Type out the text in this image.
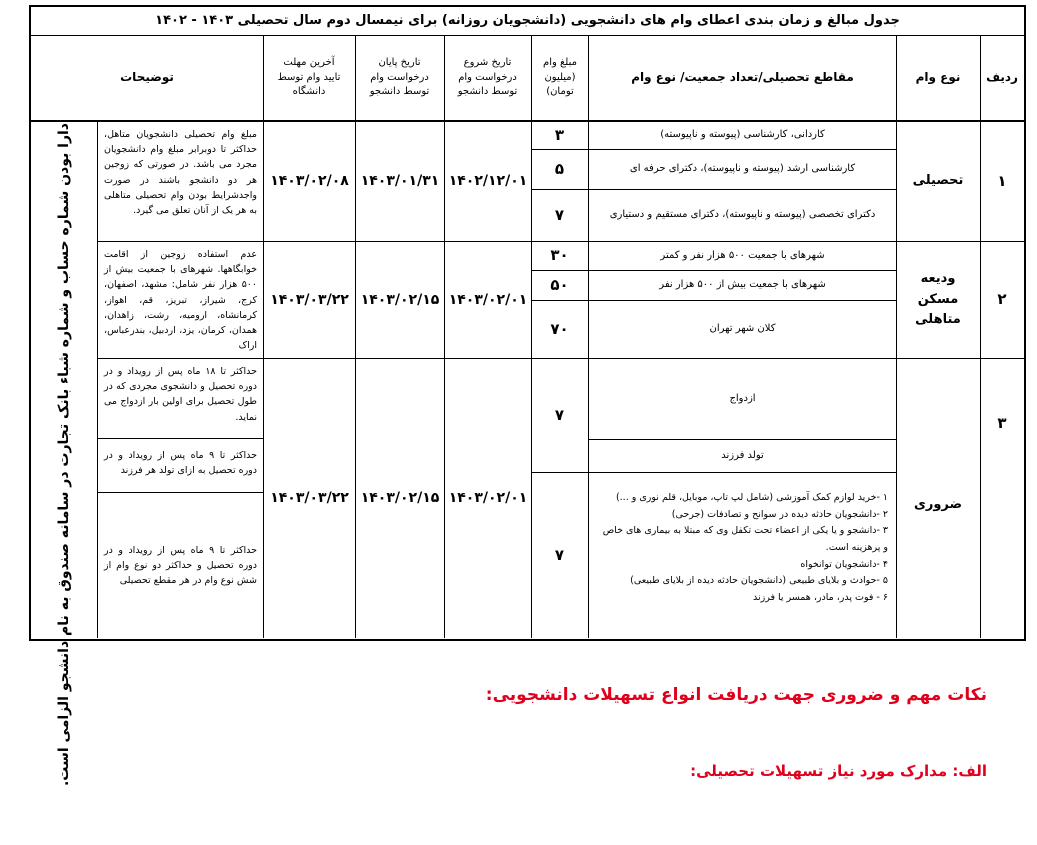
جدول مبالغ و زمان بندی اعطای وام های دانشجویی (دانشجویان روزانه) برای نیمسال دوم سال تحصیلی ۱۴۰۳ - ۱۴۰۲
ردیف
نوع وام
مقاطع تحصیلی/تعداد جمعیت/ نوع وام
مبلغ وام (میلیون تومان)
تاریخ شروع درخواست وام توسط دانشجو
تاریخ پایان درخواست وام توسط دانشجو
آخرین مهلت تایید وام توسط دانشگاه
توضیحات
دارا بودن شماره حساب و شماره شباء بانک تجارت در سامانه صندوق به نام دانشجو الزامی است.	۱
تحصیلی
کاردانی، کارشناسی (پیوسته و ناپیوسته)
کارشناسی ارشد (پیوسته و ناپیوسته)، دکترای حرفه ای
دکترای تخصصی (پیوسته و ناپیوسته)، دکترای مستقیم و دستیاری
۳
۵
۷
۱۴۰۲/۱۲/۰۱
۱۴۰۳/۰۱/۳۱
۱۴۰۳/۰۲/۰۸
مبلغ وام تحصیلی دانشجویان متاهل، حداکثر تا دوبرابر مبلغ وام دانشجویان مجرد می باشد. در صورتی که زوجین هر دو دانشجو باشند در صورت واجدشرایط بودن وام تحصیلی متاهلی به هر یک از آنان تعلق می گیرد.
۲
ودیعه مسکن متاهلی
شهرهای با جمعیت ۵۰۰ هزار نفر و کمتر
شهرهای با جمعیت بیش از ۵۰۰ هزار نفر
کلان شهر تهران
۳۰
۵۰
۷۰
۱۴۰۳/۰۲/۰۱
۱۴۰۳/۰۲/۱۵
۱۴۰۳/۰۳/۲۲
عدم استفاده زوجین از اقامت خوابگاهها. شهرهای با جمعیت بیش از ۵۰۰ هزار نفر شامل: مشهد، اصفهان، کرج، شیراز، تبریز، قم، اهواز، کرمانشاه، ارومیه، رشت، زاهدان، همدان، کرمان، یزد، اردبیل، بندرعباس، اراک
۳
ضروری
ازدواج
تولد فرزند
۱ -خرید لوازم کمک آموزشی (شامل لپ تاپ، موبایل، قلم نوری و ...)
۲ -دانشجویان حادثه دیده در سوانح و تصادفات (جرحی)
۳ -دانشجو و یا یکی از اعضاء تحت تکفل وی که مبتلا به بیماری های خاص و پرهزینه است.
۴ -دانشجویان توانخواه
۵ -حوادث و بلایای طبیعی (دانشجویان حادثه دیده از بلایای طبیعی)
۶ - فوت پدر، مادر، همسر یا فرزند
۷
۷
۱۴۰۳/۰۲/۰۱
۱۴۰۳/۰۲/۱۵
۱۴۰۳/۰۳/۲۲
حداکثر تا ۱۸ ماه پس از رویداد و در دوره تحصیل و دانشجوی مجردی که در طول تحصیل برای اولین بار ازدواج می نماید.
حداکثر تا ۹ ماه پس از رویداد و در دوره تحصیل به ازای تولد هر فرزند
حداکثر تا ۹ ماه پس از رویداد و در دوره تحصیل و حداکثر دو نوع وام از شش نوع وام در هر مقطع تحصیلی
نکات مهم و ضروری جهت دریافت انواع تسهیلات دانشجویی:
الف: مدارک مورد نیاز تسهیلات تحصیلی:
